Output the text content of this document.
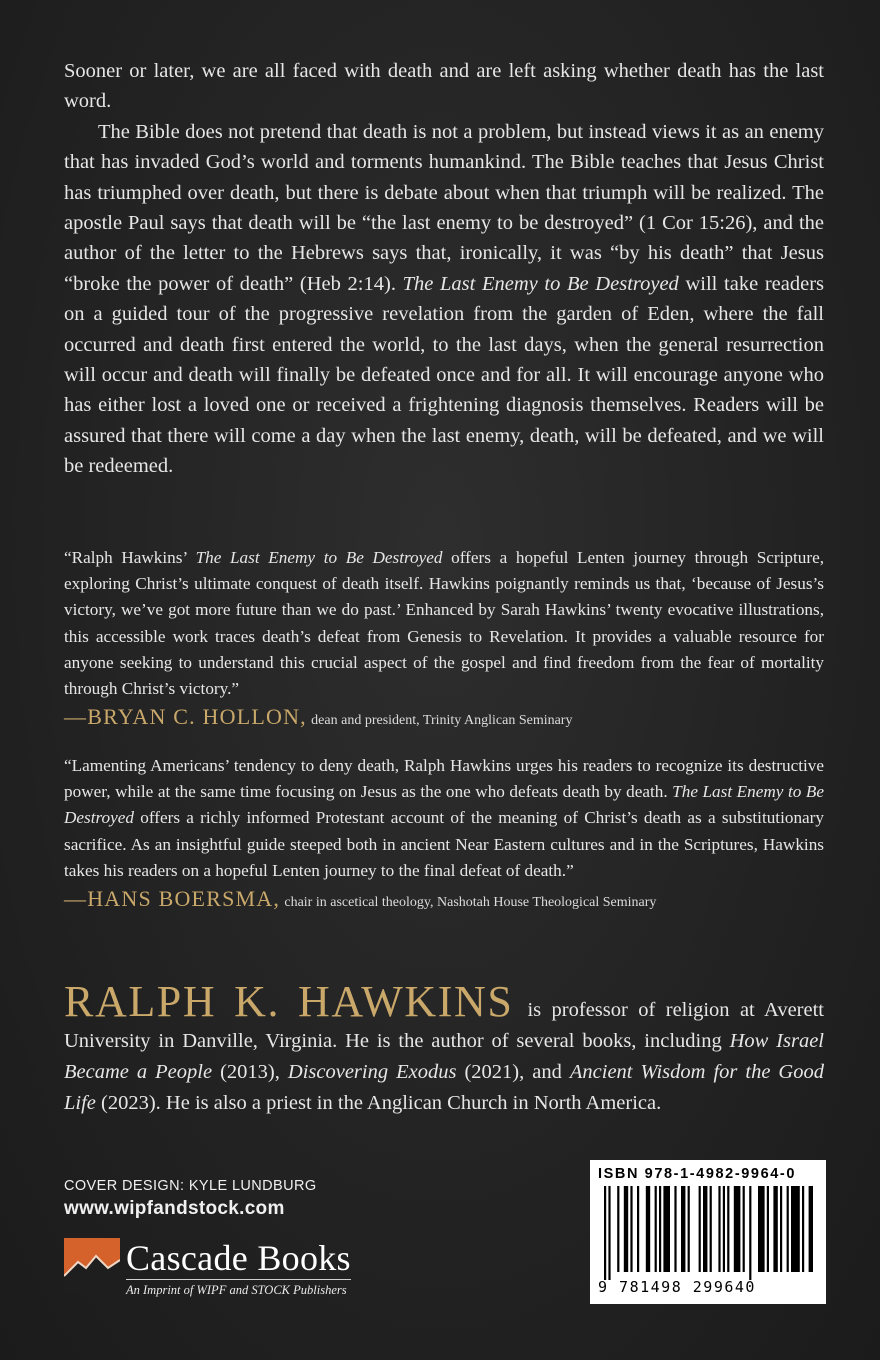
Sooner or later, we are all faced with death and are left asking whether death has the last word.

The Bible does not pretend that death is not a problem, but instead views it as an enemy that has invaded God’s world and torments humankind. The Bible teaches that Jesus Christ has triumphed over death, but there is debate about when that triumph will be realized. The apostle Paul says that death will be “the last enemy to be destroyed” (1 Cor 15:26), and the author of the letter to the Hebrews says that, ironically, it was “by his death” that Jesus “broke the power of death” (Heb 2:14). The Last Enemy to Be Destroyed will take readers on a guided tour of the progressive revelation from the garden of Eden, where the fall occurred and death first entered the world, to the last days, when the general resurrection will occur and death will finally be defeated once and for all. It will encourage anyone who has either lost a loved one or received a frightening diagnosis themselves. Readers will be assured that there will come a day when the last enemy, death, will be defeated, and we will be redeemed.

“Ralph Hawkins’ The Last Enemy to Be Destroyed offers a hopeful Lenten journey through Scripture, exploring Christ’s ultimate conquest of death itself. Hawkins poignantly reminds us that, ‘because of Jesus’s victory, we’ve got more future than we do past.’ Enhanced by Sarah Hawkins’ twenty evocative illustrations, this accessible work traces death’s defeat from Genesis to Revelation. It provides a valuable resource for anyone seeking to understand this crucial aspect of the gospel and find freedom from the fear of mortality through Christ’s victory.”

—BRYAN C. HOLLON, dean and president, Trinity Anglican Seminary

“Lamenting Americans’ tendency to deny death, Ralph Hawkins urges his readers to recognize its destructive power, while at the same time focusing on Jesus as the one who defeats death by death. The Last Enemy to Be Destroyed offers a richly informed Protestant account of the meaning of Christ’s death as a substitutionary sacrifice. As an insightful guide steeped both in ancient Near Eastern cultures and in the Scriptures, Hawkins takes his readers on a hopeful Lenten journey to the final defeat of death.”

—HANS BOERSMA, chair in ascetical theology, Nashotah House Theological Seminary

RALPH K. HAWKINS is professor of religion at Averett University in Danville, Virginia. He is the author of several books, including How Israel Became a People (2013), Discovering Exodus (2021), and Ancient Wisdom for the Good Life (2023). He is also a priest in the Anglican Church in North America.

COVER DESIGN: KYLE LUNDBURG
www.wipfandstock.com
Cascade Books
An Imprint of WIPF and STOCK Publishers
ISBN 978-1-4982-9964-0
9 781498 299640
